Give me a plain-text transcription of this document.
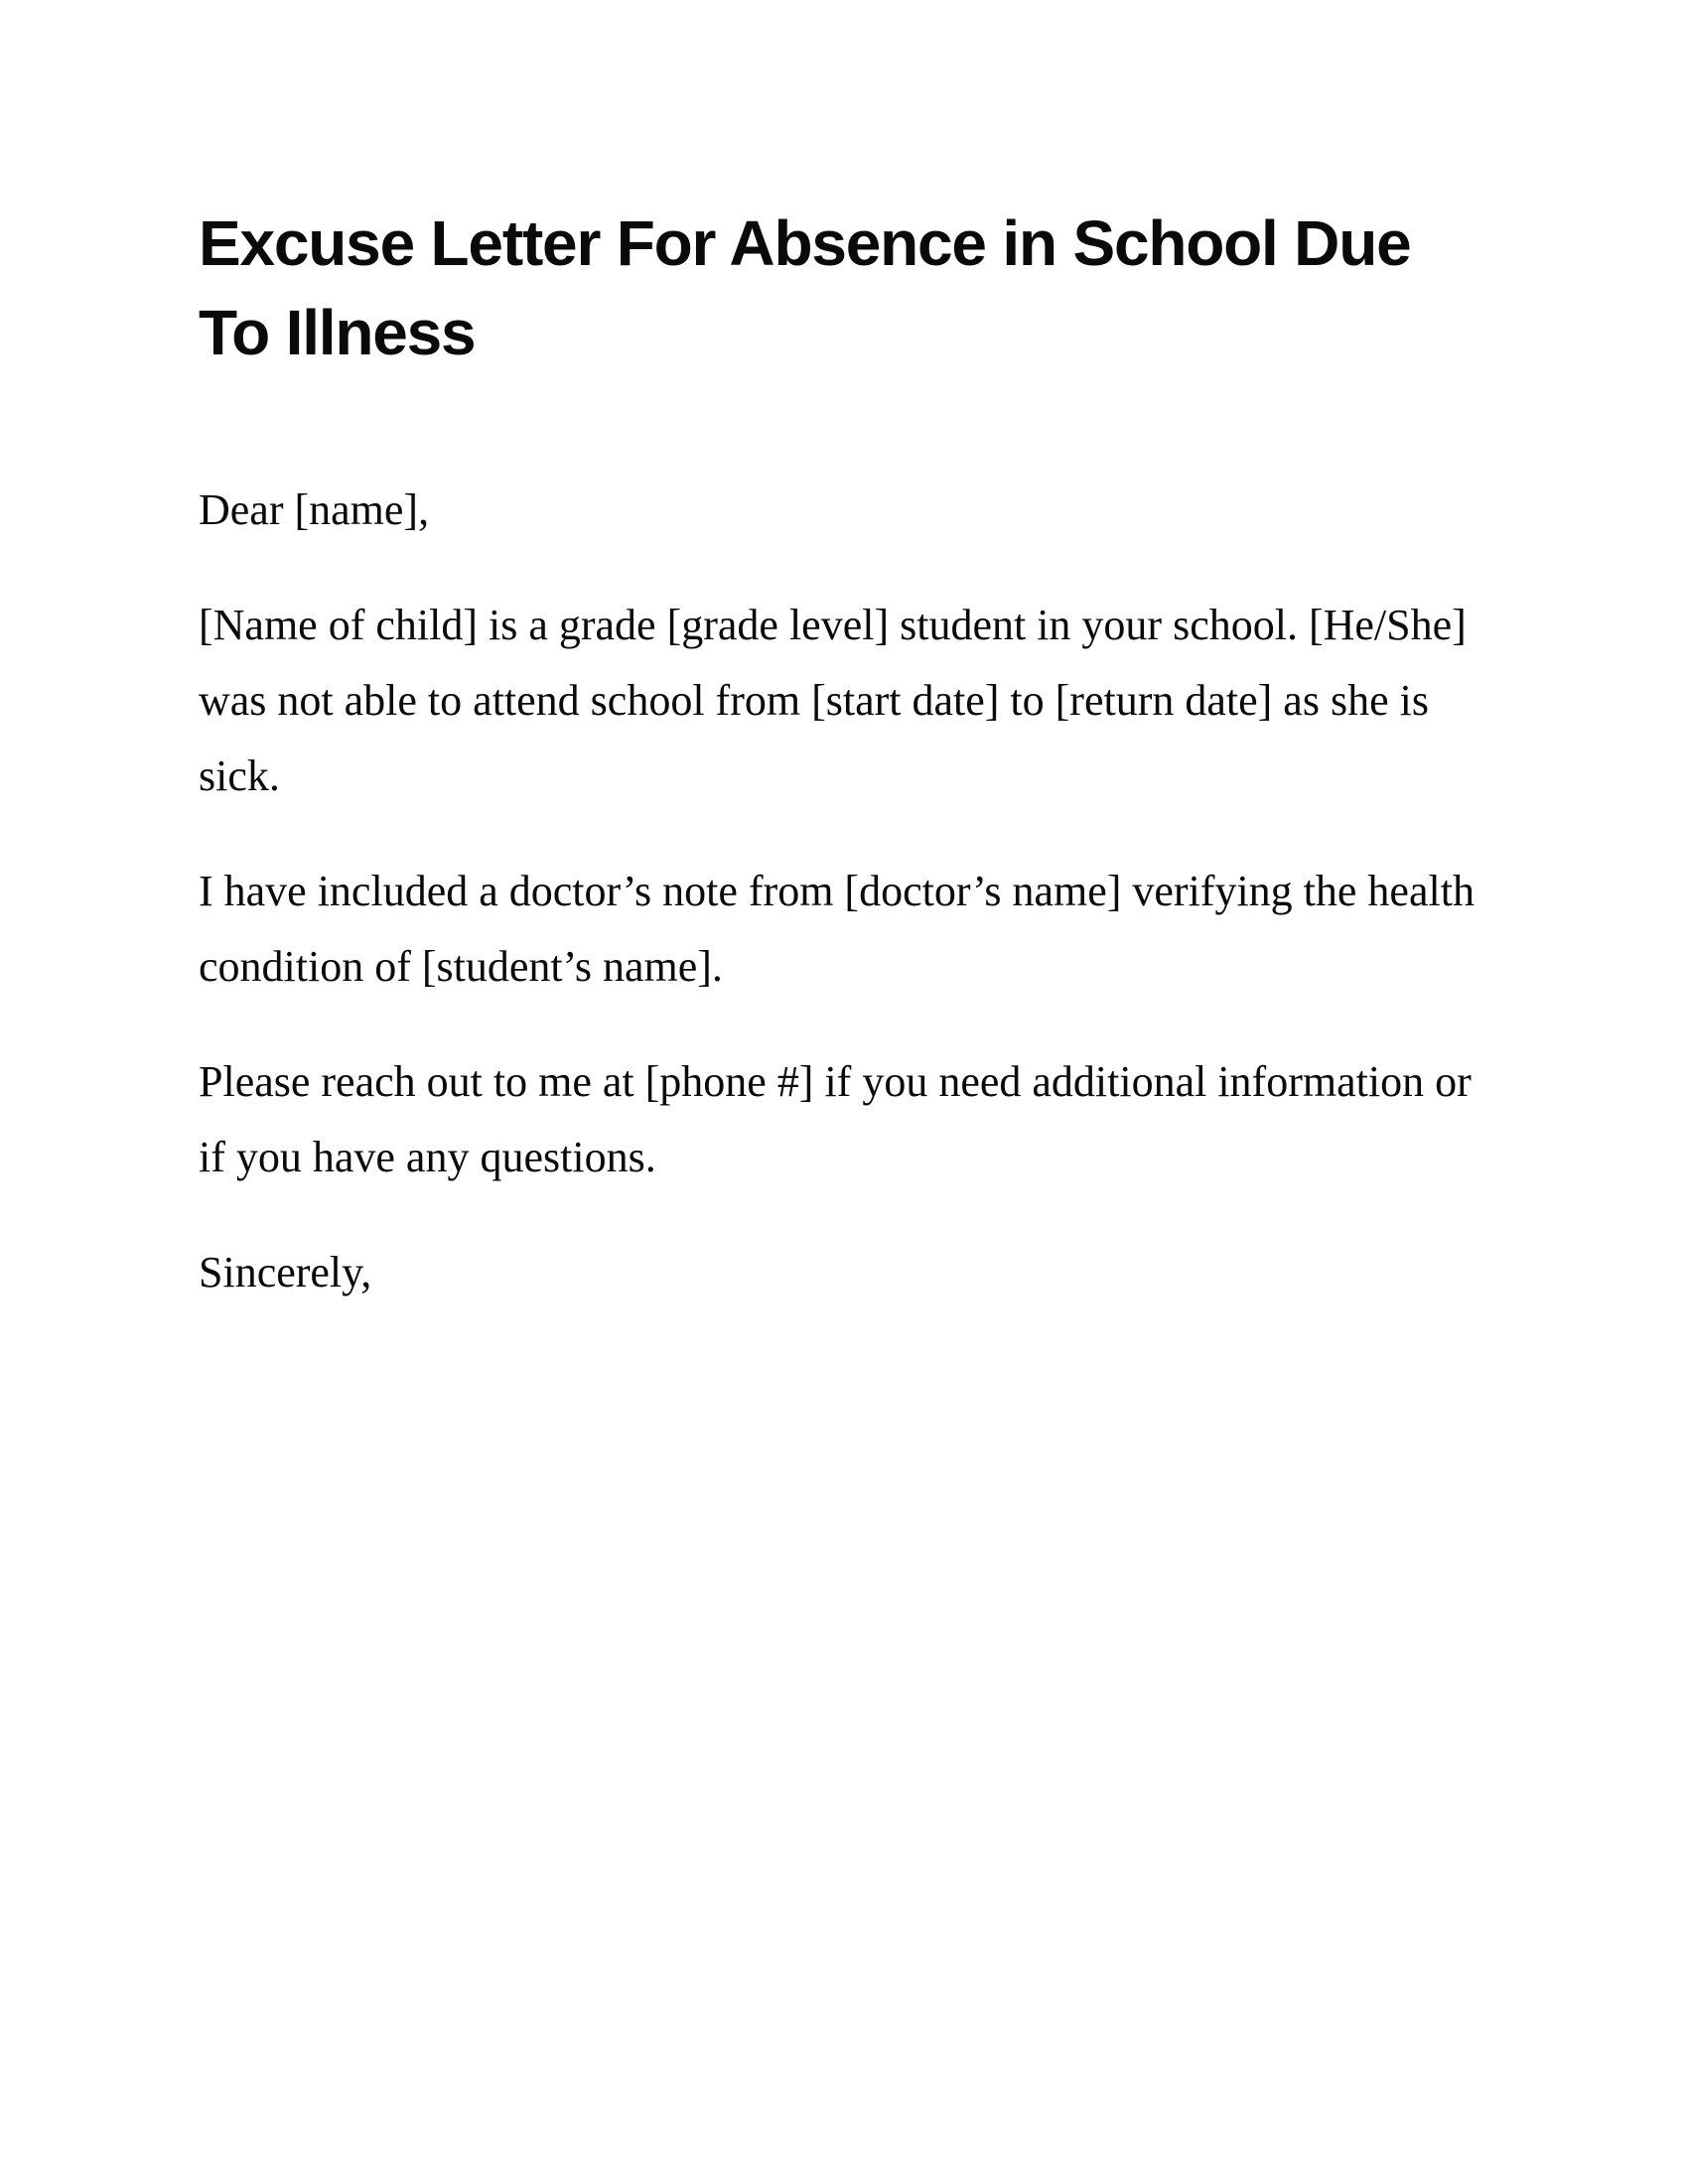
Excuse Letter For Absence in School Due To Illness

Dear [name],

[Name of child] is a grade [grade level] student in your school. [He/She] was not able to attend school from [start date] to [return date] as she is sick.

I have included a doctor’s note from [doctor’s name] verifying the health condition of [student’s name].

Please reach out to me at [phone #] if you need additional information or if you have any questions.

Sincerely,
